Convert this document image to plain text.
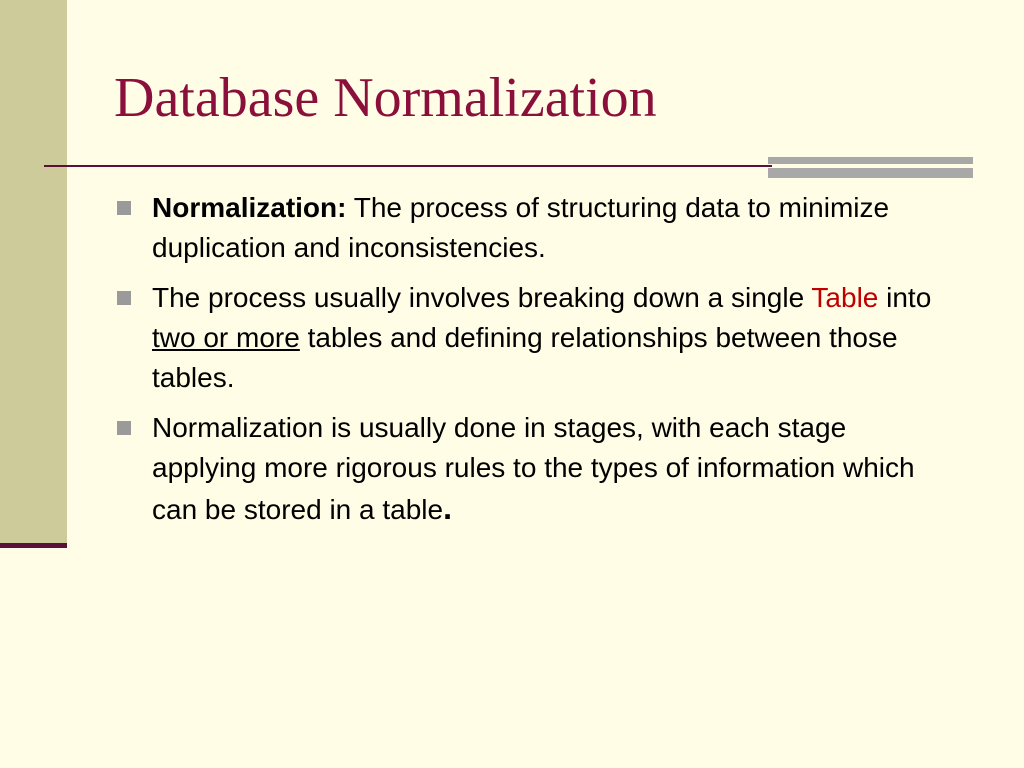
Database Normalization
Normalization: The process of structuring data to minimize duplication and inconsistencies.
The process usually involves breaking down a single Table into two or more tables and defining relationships between those tables.
Normalization is usually done in stages, with each stage applying more rigorous rules to the types of information which can be stored in a table.
